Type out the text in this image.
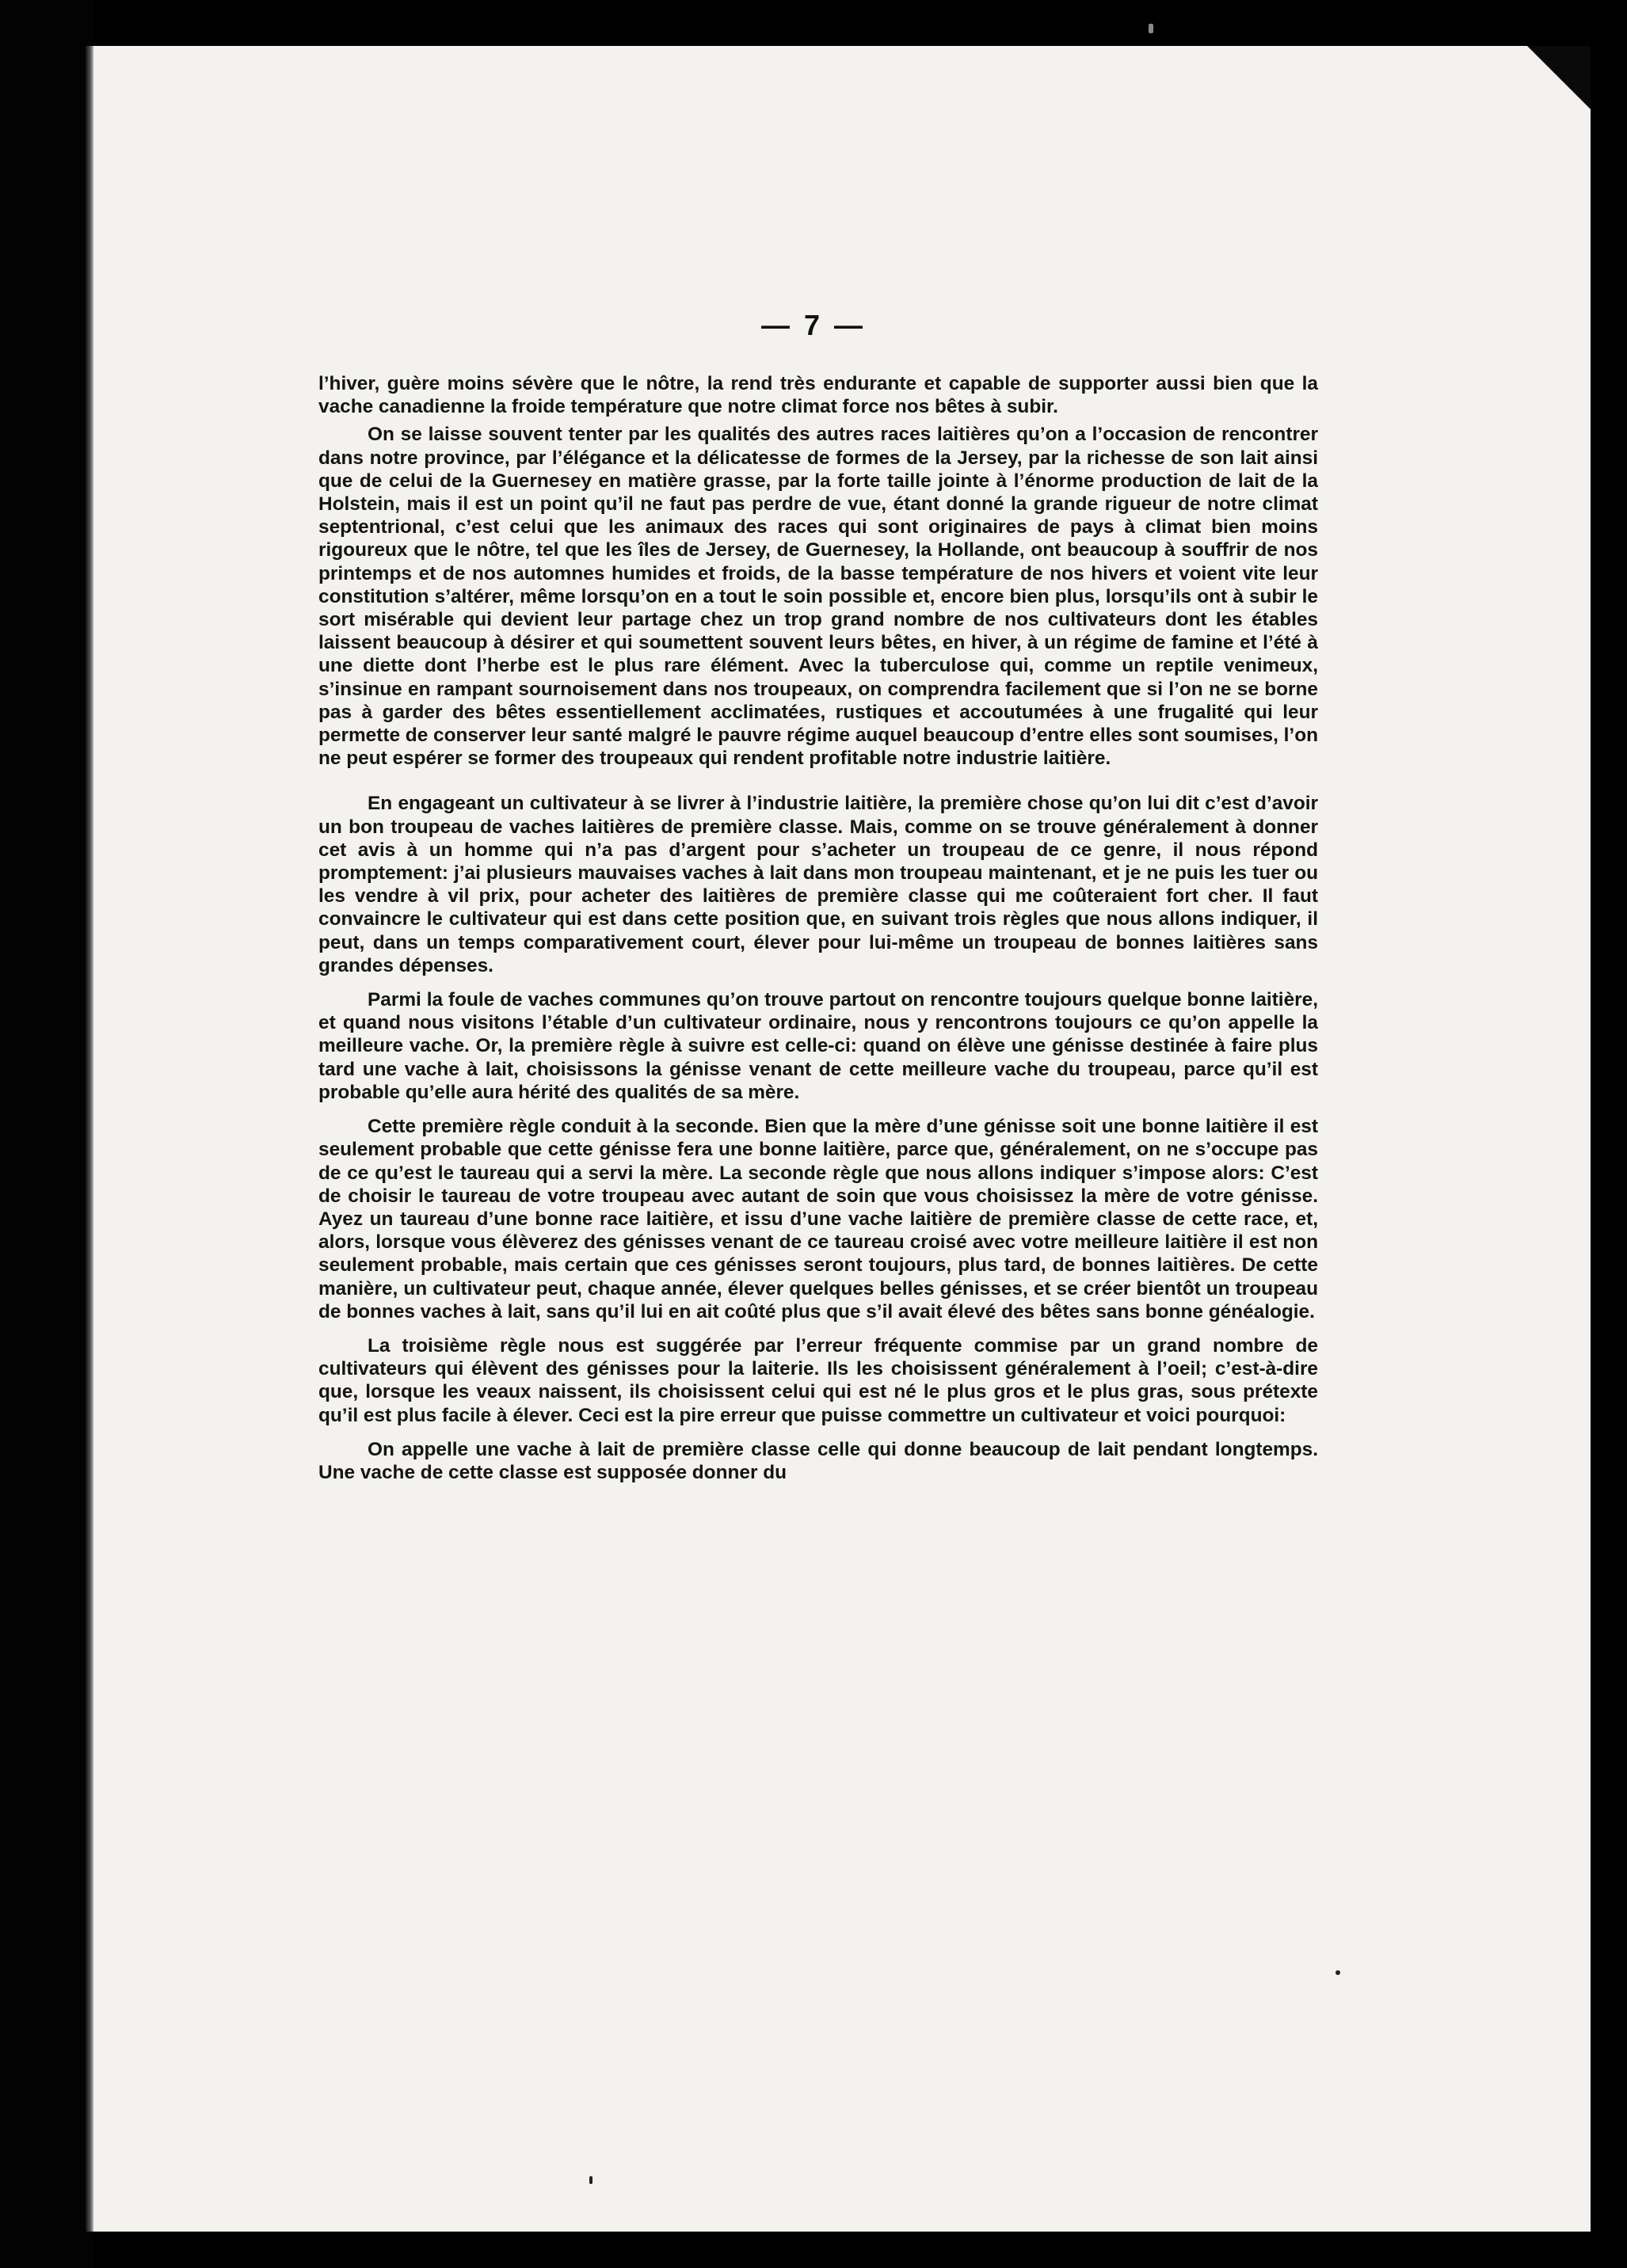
— 7 —

l’hiver, guère moins sévère que le nôtre, la rend très endurante et capable de supporter aussi bien que la vache canadienne la froide température que notre climat force nos bêtes à subir.

On se laisse souvent tenter par les qualités des autres races laitières qu’on a l’occasion de rencontrer dans notre province, par l’élégance et la délicatesse de formes de la Jersey, par la richesse de son lait ainsi que de celui de la Guernesey en matière grasse, par la forte taille jointe à l’énorme production de lait de la Holstein, mais il est un point qu’il ne faut pas perdre de vue, étant donné la grande rigueur de notre climat septentrional, c’est celui que les animaux des races qui sont originaires de pays à climat bien moins rigoureux que le nôtre, tel que les îles de Jersey, de Guernesey, la Hollande, ont beaucoup à souffrir de nos printemps et de nos automnes humides et froids, de la basse température de nos hivers et voient vite leur constitution s’altérer, même lorsqu’on en a tout le soin possible et, encore bien plus, lorsqu’ils ont à subir le sort misérable qui devient leur partage chez un trop grand nombre de nos cultivateurs dont les étables laissent beaucoup à désirer et qui soumettent souvent leurs bêtes, en hiver, à un régime de famine et l’été à une diette dont l’herbe est le plus rare élément. Avec la tuberculose qui, comme un reptile venimeux, s’insinue en rampant sournoisement dans nos troupeaux, on comprendra facilement que si l’on ne se borne pas à garder des bêtes essentiellement acclimatées, rustiques et accoutumées à une frugalité qui leur permette de conserver leur santé malgré le pauvre régime auquel beaucoup d’entre elles sont soumises, l’on ne peut espérer se former des troupeaux qui rendent profitable notre industrie laitière.

En engageant un cultivateur à se livrer à l’industrie laitière, la première chose qu’on lui dit c’est d’avoir un bon troupeau de vaches laitières de première classe. Mais, comme on se trouve généralement à donner cet avis à un homme qui n’a pas d’argent pour s’acheter un troupeau de ce genre, il nous répond promptement: j’ai plusieurs mauvaises vaches à lait dans mon troupeau maintenant, et je ne puis les tuer ou les vendre à vil prix, pour acheter des laitières de première classe qui me coûteraient fort cher. Il faut convaincre le cultivateur qui est dans cette position que, en suivant trois règles que nous allons indiquer, il peut, dans un temps comparativement court, élever pour lui-même un troupeau de bonnes laitières sans grandes dépenses.

Parmi la foule de vaches communes qu’on trouve partout on rencontre toujours quelque bonne laitière, et quand nous visitons l’étable d’un cultivateur ordinaire, nous y rencontrons toujours ce qu’on appelle la meilleure vache. Or, la première règle à suivre est celle-ci: quand on élève une génisse destinée à faire plus tard une vache à lait, choisissons la génisse venant de cette meilleure vache du troupeau, parce qu’il est probable qu’elle aura hérité des qualités de sa mère.

Cette première règle conduit à la seconde. Bien que la mère d’une génisse soit une bonne laitière il est seulement probable que cette génisse fera une bonne laitière, parce que, généralement, on ne s’occupe pas de ce qu’est le taureau qui a servi la mère. La seconde règle que nous allons indiquer s’impose alors: C’est de choisir le taureau de votre troupeau avec autant de soin que vous choisissez la mère de votre génisse. Ayez un taureau d’une bonne race laitière, et issu d’une vache laitière de première classe de cette race, et, alors, lorsque vous élèverez des génisses venant de ce taureau croisé avec votre meilleure laitière il est non seulement probable, mais certain que ces génisses seront toujours, plus tard, de bonnes laitières. De cette manière, un cultivateur peut, chaque année, élever quelques belles génisses, et se créer bientôt un troupeau de bonnes vaches à lait, sans qu’il lui en ait coûté plus que s’il avait élevé des bêtes sans bonne généalogie.

La troisième règle nous est suggérée par l’erreur fréquente commise par un grand nombre de cultivateurs qui élèvent des génisses pour la laiterie. Ils les choisissent généralement à l’oeil; c’est-à-dire que, lorsque les veaux naissent, ils choisissent celui qui est né le plus gros et le plus gras, sous prétexte qu’il est plus facile à élever. Ceci est la pire erreur que puisse commettre un cultivateur et voici pourquoi:

On appelle une vache à lait de première classe celle qui donne beaucoup de lait pendant longtemps. Une vache de cette classe est supposée donner du
